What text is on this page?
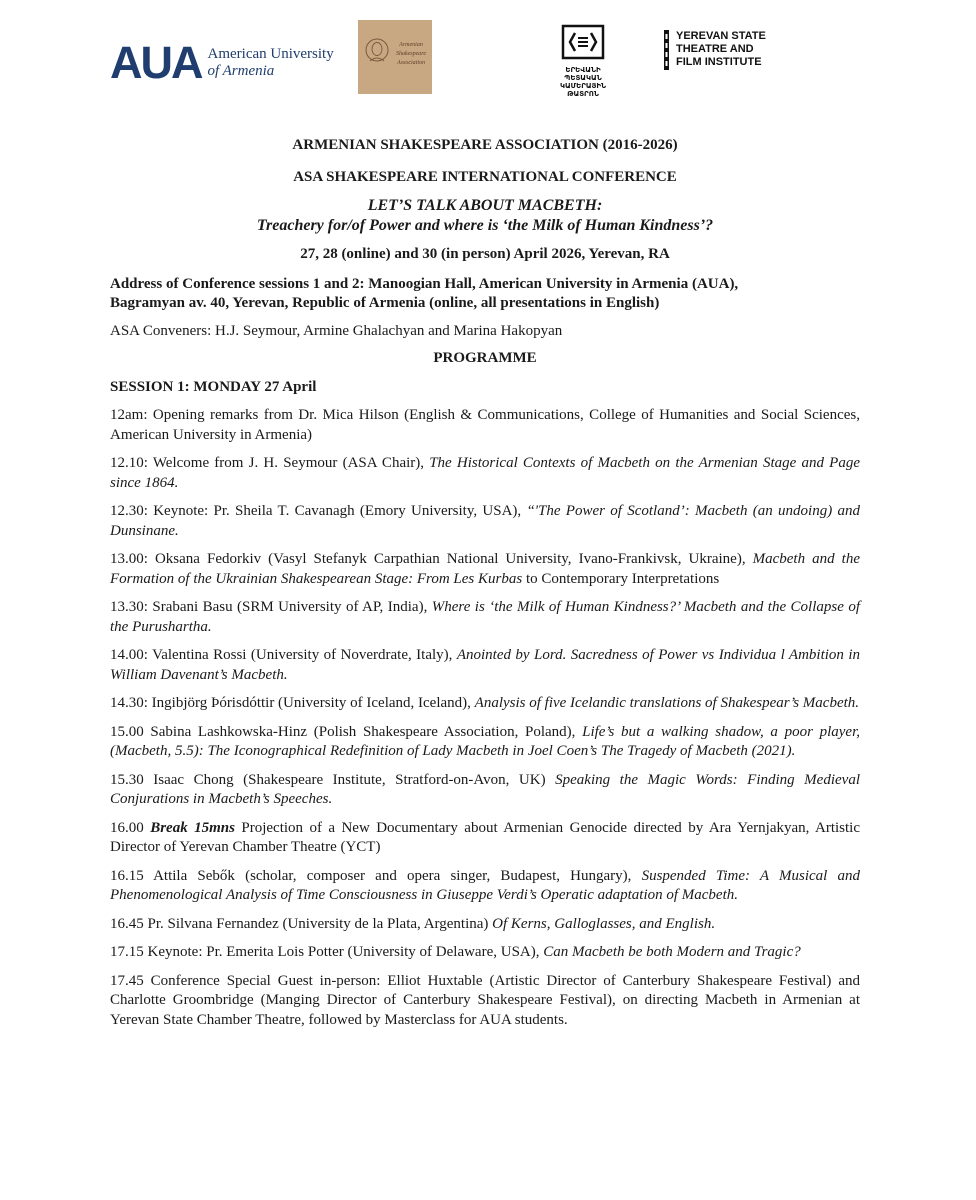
AUA American University
of Armenia
Armenian
Shakespeare
Association
ԵՐԵՎԱՆԻ
ՊԵՏԱԿԱՆ
ԿԱՄԵՐԱՅԻՆ
ԹԱՏՐՈՆ
YEREVAN STATE
THEATRE AND
FILM INSTITUTE
ARMENIAN SHAKESPEARE ASSOCIATION (2016-2026)
ASA SHAKESPEARE INTERNATIONAL CONFERENCE
LET’S TALK ABOUT MACBETH:
Treachery for/of Power and where is ‘the Milk of Human Kindness’?
27, 28 (online) and 30 (in person) April 2026, Yerevan, RA
Address of Conference sessions 1 and 2: Manoogian Hall, American University in Armenia (AUA),
Bagramyan av. 40, Yerevan, Republic of Armenia (online, all presentations in English)
ASA Conveners: H.J. Seymour, Armine Ghalachyan and Marina Hakopyan
PROGRAMME
SESSION 1: MONDAY 27 April
12am: Opening remarks from Dr. Mica Hilson (English & Communications, College of Humanities and Social Sciences, American University in Armenia)
12.10: Welcome from J. H. Seymour (ASA Chair), The Historical Contexts of Macbeth on the Armenian Stage and Page since 1864.
12.30: Keynote: Pr. Sheila T. Cavanagh (Emory University, USA), “'The Power of Scotland’: Macbeth (an undoing) and Dunsinane.
13.00: Oksana Fedorkiv (Vasyl Stefanyk Carpathian National University, Ivano-Frankivsk, Ukraine), Macbeth and the Formation of the Ukrainian Shakespearean Stage: From Les Kurbas to Contemporary Interpretations
13.30: Srabani Basu (SRM University of AP, India), Where is ‘the Milk of Human Kindness?’ Macbeth and the Collapse of the Purushartha.
14.00: Valentina Rossi (University of Noverdrate, Italy), Anointed by Lord. Sacredness of Power vs Individua l Ambition in William Davenant’s Macbeth.
14.30: Ingibjörg Þórisdóttir (University of Iceland, Iceland), Analysis of five Icelandic translations of Shakespear’s Macbeth.
15.00 Sabina Lashkowska-Hinz (Polish Shakespeare Association, Poland), Life’s but a walking shadow, a poor player, (Macbeth, 5.5): The Iconographical Redefinition of Lady Macbeth in Joel Coen’s The Tragedy of Macbeth (2021).
15.30 Isaac Chong (Shakespeare Institute, Stratford-on-Avon, UK) Speaking the Magic Words: Finding Medieval Conjurations in Macbeth’s Speeches.
16.00 Break 15mns Projection of a New Documentary about Armenian Genocide directed by Ara Yernjakyan, Artistic Director of Yerevan Chamber Theatre (YCT)
16.15 Attila Sebők (scholar, composer and opera singer, Budapest, Hungary), Suspended Time: A Musical and Phenomenological Analysis of Time Consciousness in Giuseppe Verdi’s Operatic adaptation of Macbeth.
16.45 Pr. Silvana Fernandez (University de la Plata, Argentina) Of Kerns, Galloglasses, and English.
17.15 Keynote: Pr. Emerita Lois Potter (University of Delaware, USA), Can Macbeth be both Modern and Tragic?
17.45 Conference Special Guest in-person: Elliot Huxtable (Artistic Director of Canterbury Shakespeare Festival) and Charlotte Groombridge (Manging Director of Canterbury Shakespeare Festival), on directing Macbeth in Armenian at Yerevan State Chamber Theatre, followed by Masterclass for AUA students.
